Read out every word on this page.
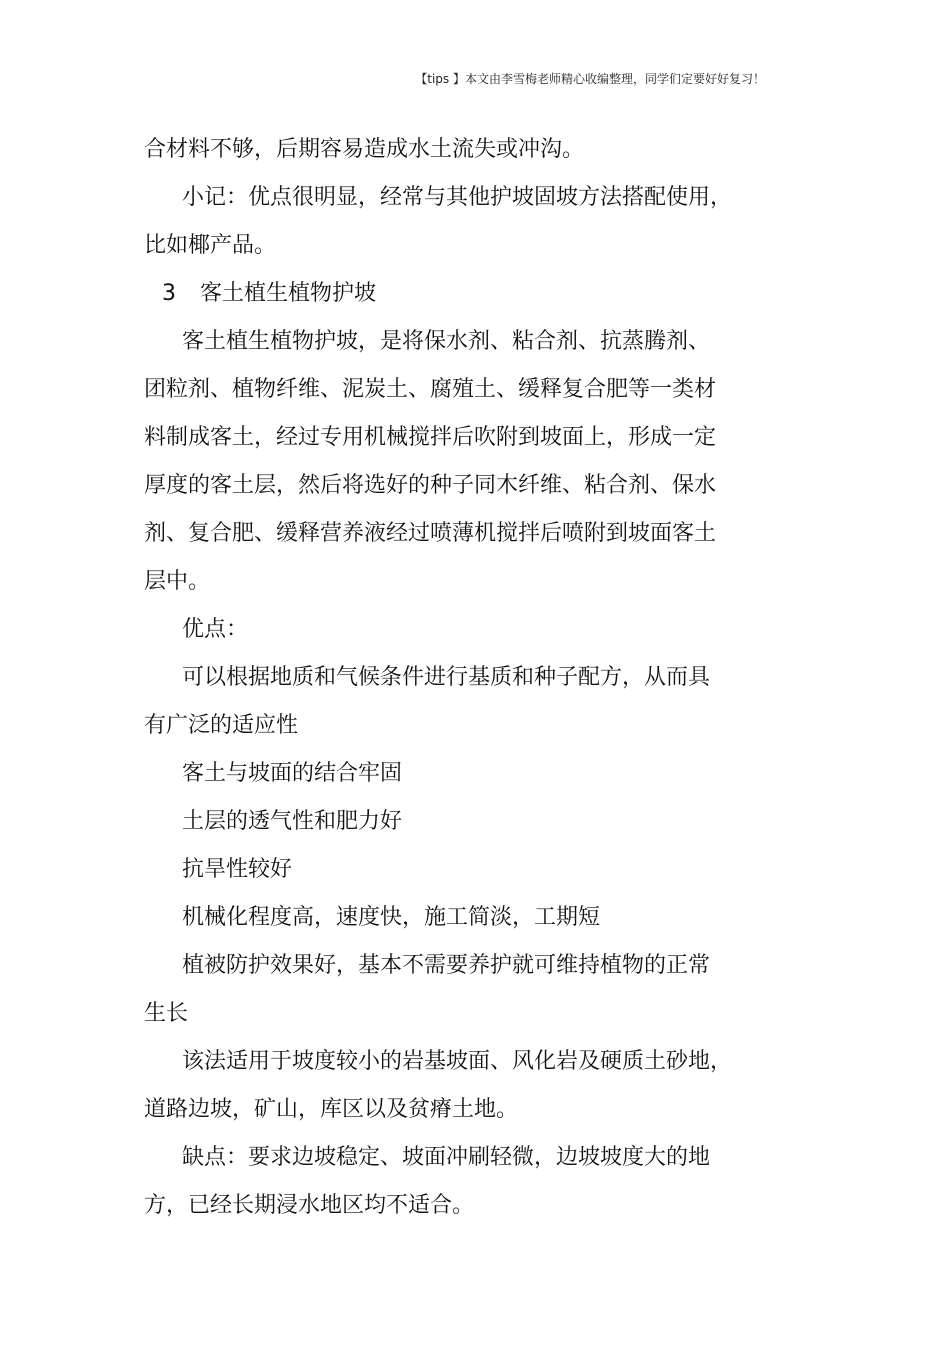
【tips 】本文由李雪梅老师精心收编整理，同学们定要好好复习！
合材料不够，后期容易造成水土流失或冲沟。
小记：优点很明显，经常与其他护坡固坡方法搭配使用，
比如椰产品。
3 客土植生植物护坡
客土植生植物护坡，是将保水剂、粘合剂、抗蒸腾剂、
团粒剂、植物纤维、泥炭土、腐殖土、缓释复合肥等一类材
料制成客土，经过专用机械搅拌后吹附到坡面上，形成一定
厚度的客土层，然后将选好的种子同木纤维、粘合剂、保水
剂、复合肥、缓释营养液经过喷薄机搅拌后喷附到坡面客土
层中。
优点：
可以根据地质和气候条件进行基质和种子配方，从而具
有广泛的适应性
客土与坡面的结合牢固
土层的透气性和肥力好
抗旱性较好
机械化程度高，速度快，施工简淡，工期短
植被防护效果好，基本不需要养护就可维持植物的正常
生长
该法适用于坡度较小的岩基坡面、风化岩及硬质土砂地，
道路边坡，矿山，库区以及贫瘠土地。
缺点：要求边坡稳定、坡面冲刷轻微，边坡坡度大的地
方，已经长期浸水地区均不适合。
